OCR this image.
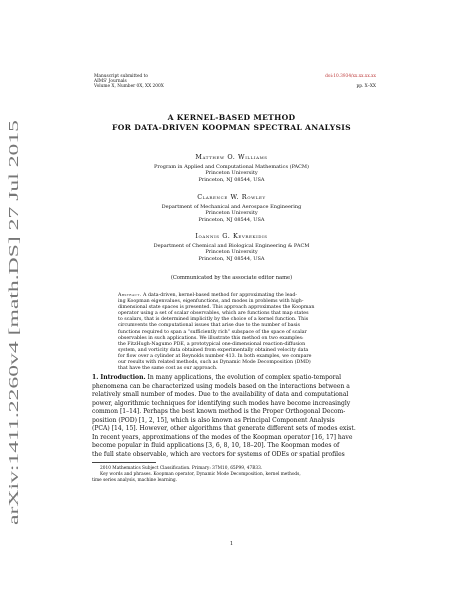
Manuscript submitted to
AIMS' Journals
Volume X, Number 0X, XX 200X
doi:10.3934/xx.xx.xx.xx
pp. X–XX
arXiv:1411.2260v4 [math.DS] 27 Jul 2015
A KERNEL-BASED METHOD
FOR DATA-DRIVEN KOOPMAN SPECTRAL ANALYSIS
Matthew O. Williams
Program in Applied and Computational Mathematics (PACM)
Princeton University
Princeton, NJ 08544, USA
Clarence W. Rowley
Department of Mechanical and Aerospace Engineering
Princeton University
Princeton, NJ 08544, USA
Ioannis G. Kevrekidis
Department of Chemical and Biological Engineering & PACM
Princeton University
Princeton, NJ 08544, USA
(Communicated by the associate editor name)
Abstract. A data-driven, kernel-based method for approximating the lead-
ing Koopman eigenvalues, eigenfunctions, and modes in problems with high-
dimensional state spaces is presented. This approach approximates the Koopman
operator using a set of scalar observables, which are functions that map states
to scalars, that is determined implicitly by the choice of a kernel function. This
circumvents the computational issues that arise due to the number of basis
functions required to span a “sufficiently rich” subspace of the space of scalar
observables in such applications. We illustrate this method on two examples:
the FitzHugh-Nagumo PDE, a prototypical one-dimensional reaction-diffusion
system, and vorticity data obtained from experimentally obtained velocity data
for flow over a cylinder at Reynolds number 413. In both examples, we compare
our results with related methods, such as Dynamic Mode Decomposition (DMD)
that have the same cost as our approach.
1. Introduction. In many applications, the evolution of complex spatio-temporal
phenomena can be characterized using models based on the interactions between a
relatively small number of modes. Due to the availability of data and computational
power, algorithmic techniques for identifying such modes have become increasingly
common [1–14]. Perhaps the best known method is the Proper Orthogonal Decom-
position (POD) [1, 2, 15], which is also known as Principal Component Analysis
(PCA) [14, 15]. However, other algorithms that generate different sets of modes exist.
In recent years, approximations of the modes of the Koopman operator [16, 17] have
become popular in fluid applications [3, 6, 8, 10, 18–20]. The Koopman modes of
the full state observable, which are vectors for systems of ODEs or spatial profiles
2010 Mathematics Subject Classification. Primary: 37M10, 65P99, 47B33.
Key words and phrases. Koopman operator, Dynamic Mode Decomposition, kernel methods,
time series analysis, machine learning.
1
